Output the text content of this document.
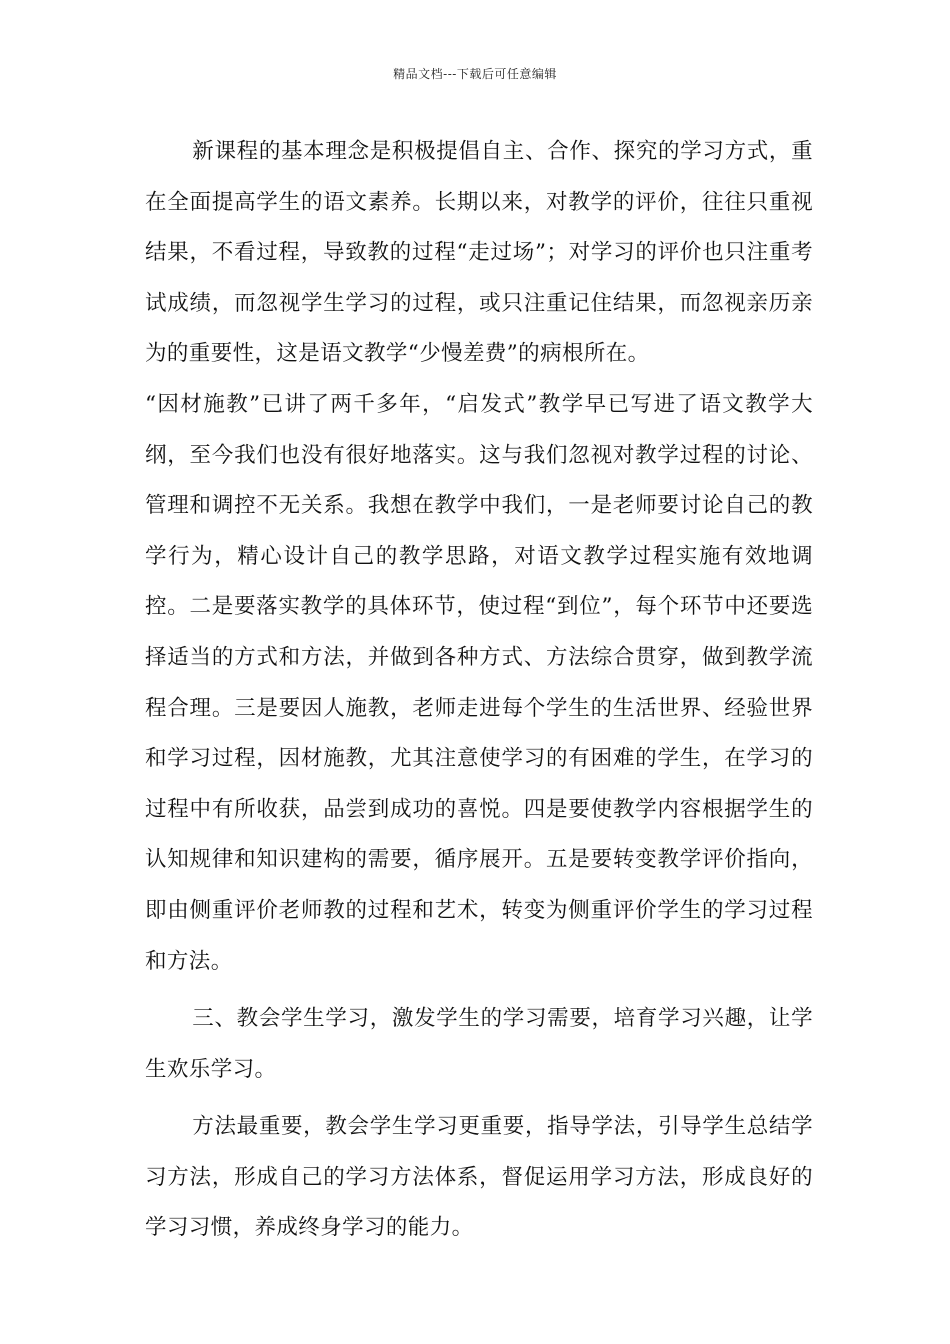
精品文档---下载后可任意编辑

新课程的基本理念是积极提倡自主、合作、探究的学习方式，重在全面提高学生的语文素养。长期以来，对教学的评价，往往只重视结果，不看过程，导致教的过程“走过场”；对学习的评价也只注重考试成绩，而忽视学生学习的过程，或只注重记住结果，而忽视亲历亲为的重要性，这是语文教学“少慢差费”的病根所在。

“因材施教”已讲了两千多年，“启发式”教学早已写进了语文教学大纲，至今我们也没有很好地落实。这与我们忽视对教学过程的讨论、管理和调控不无关系。我想在教学中我们，一是老师要讨论自己的教学行为，精心设计自己的教学思路，对语文教学过程实施有效地调控。二是要落实教学的具体环节，使过程“到位”，每个环节中还要选择适当的方式和方法，并做到各种方式、方法综合贯穿，做到教学流程合理。三是要因人施教，老师走进每个学生的生活世界、经验世界和学习过程，因材施教，尤其注意使学习的有困难的学生，在学习的过程中有所收获，品尝到成功的喜悦。四是要使教学内容根据学生的认知规律和知识建构的需要，循序展开。五是要转变教学评价指向，即由侧重评价老师教的过程和艺术，转变为侧重评价学生的学习过程和方法。

三、教会学生学习，激发学生的学习需要，培育学习兴趣，让学生欢乐学习。

方法最重要，教会学生学习更重要，指导学法，引导学生总结学习方法，形成自己的学习方法体系，督促运用学习方法，形成良好的学习习惯，养成终身学习的能力。
